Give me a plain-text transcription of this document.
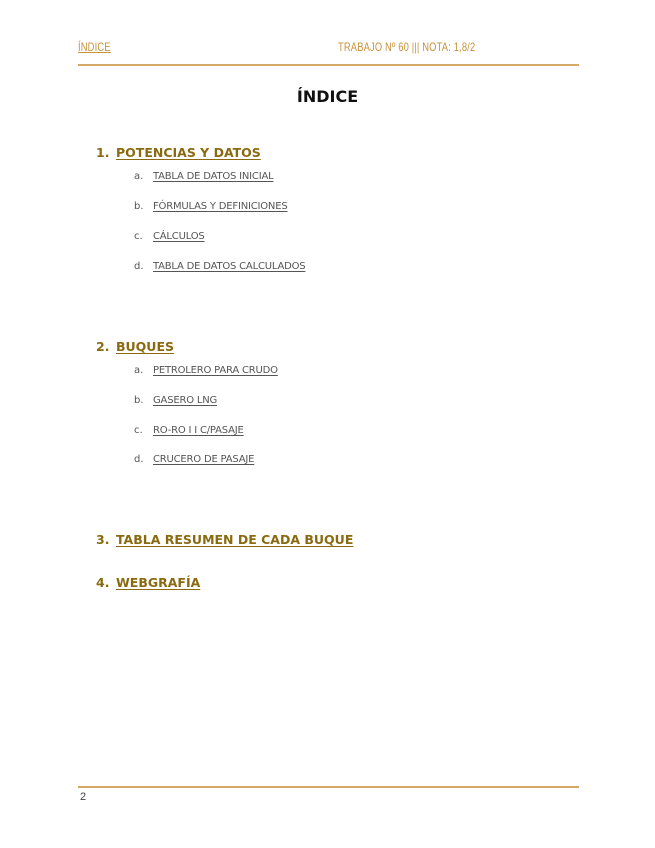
ÍNDICE	TRABAJO Nº 60 ||| NOTA: 1,8/2
ÍNDICE
1. POTENCIAS Y DATOS
a. TABLA DE DATOS INICIAL
b. FÓRMULAS Y DEFINICIONES
c. CÁLCULOS
d. TABLA DE DATOS CALCULADOS
2. BUQUES
a. PETROLERO PARA CRUDO
b. GASERO LNG
c. RO-RO I I C/PASAJE
d. CRUCERO DE PASAJE
3. TABLA RESUMEN DE CADA BUQUE
4. WEBGRAFÍA
2
